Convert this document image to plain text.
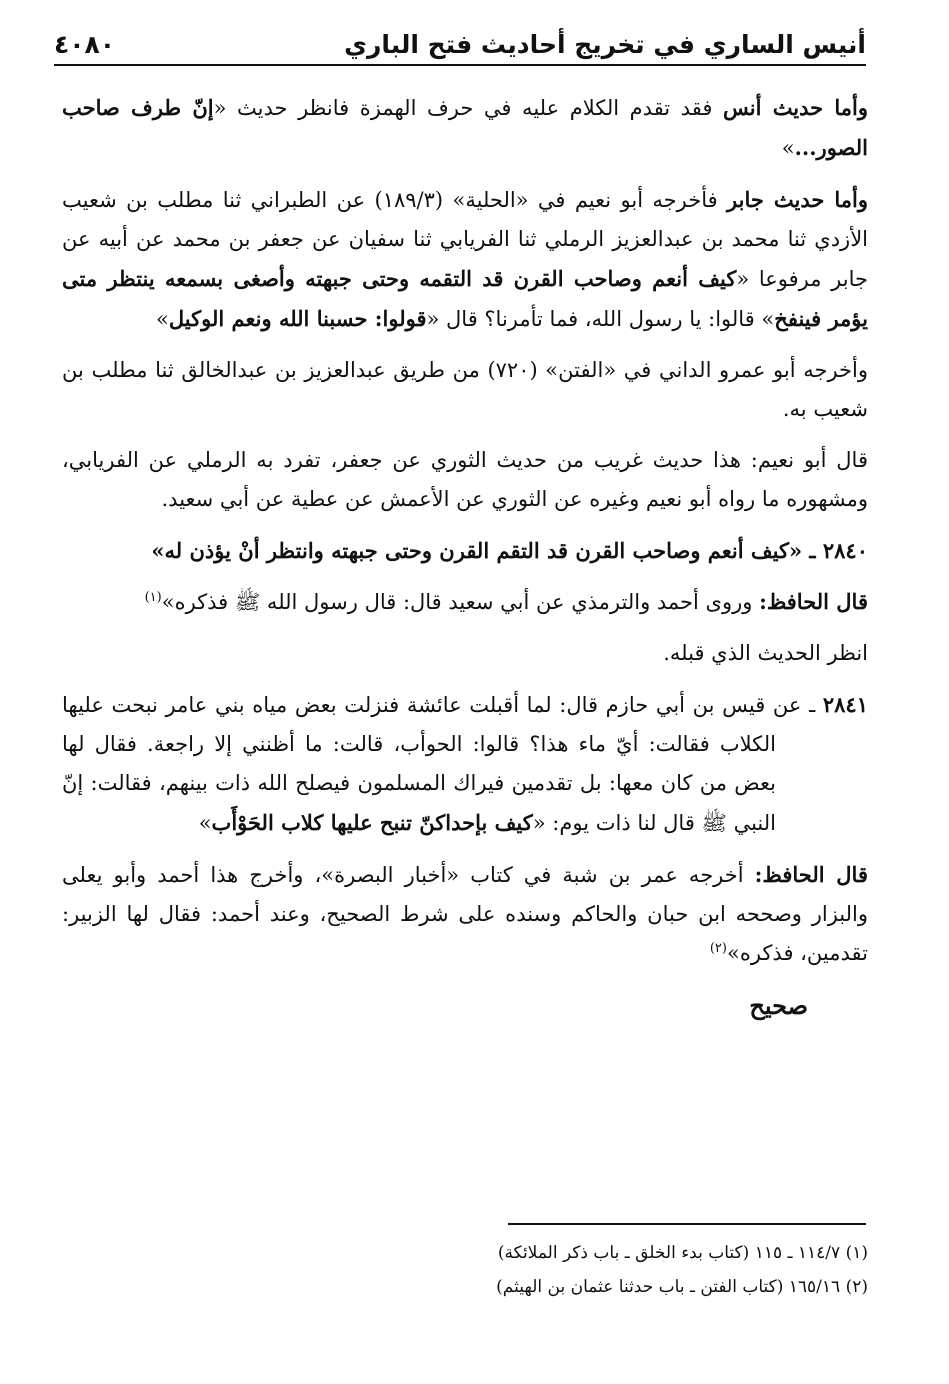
أنيس الساري في تخريج أحاديث فتح الباري
٤٠٨٠

وأما حديث أنس فقد تقدم الكلام عليه في حرف الهمزة فانظر حديث «إنّ طرف صاحب الصور...»

وأما حديث جابر فأخرجه أبو نعيم في «الحلية» (١٨٩/٣) عن الطبراني ثنا مطلب بن شعيب الأزدي ثنا محمد بن عبدالعزيز الرملي ثنا الفريابي ثنا سفيان عن جعفر بن محمد عن أبيه عن جابر مرفوعا «كيف أنعم وصاحب القرن قد التقمه وحتى جبهته وأصغى بسمعه ينتظر متى يؤمر فينفخ» قالوا: يا رسول الله، فما تأمرنا؟ قال «قولوا: حسبنا الله ونعم الوكيل»

وأخرجه أبو عمرو الداني في «الفتن» (٧٢٠) من طريق عبدالعزيز بن عبدالخالق ثنا مطلب بن شعيب به.

قال أبو نعيم: هذا حديث غريب من حديث الثوري عن جعفر، تفرد به الرملي عن الفريابي، ومشهوره ما رواه أبو نعيم وغيره عن الثوري عن الأعمش عن عطية عن أبي سعيد.

٢٨٤٠ ـ «كيف أنعم وصاحب القرن قد التقم القرن وحتى جبهته وانتظر أنْ يؤذن له»

قال الحافظ: وروى أحمد والترمذي عن أبي سعيد قال: قال رسول الله ﷺ فذكره»$^{(١)}$

انظر الحديث الذي قبله.

٢٨٤١ ـ عن قيس بن أبي حازم قال: لما أقبلت عائشة فنزلت بعض مياه بني عامر نبحت عليها الكلاب فقالت: أيّ ماء هذا؟ قالوا: الحوأب، قالت: ما أظنني إلا راجعة. فقال لها بعض من كان معها: بل تقدمين فيراك المسلمون فيصلح الله ذات بينهم، فقالت: إنّ النبي ﷺ قال لنا ذات يوم: «كيف بإحداكنّ تنبح عليها كلاب الحَوْأَب»

قال الحافظ: أخرجه عمر بن شبة في كتاب «أخبار البصرة»، وأخرج هذا أحمد وأبو يعلى والبزار وصححه ابن حبان والحاكم وسنده على شرط الصحيح، وعند أحمد: فقال لها الزبير: تقدمين، فذكره»$^{(٢)}$

صحيح

(١) ١١٤/٧ ـ ١١٥ (كتاب بدء الخلق ـ باب ذكر الملائكة)
(٢) ١٦٥/١٦ (كتاب الفتن ـ باب حدثنا عثمان بن الهيثم)
